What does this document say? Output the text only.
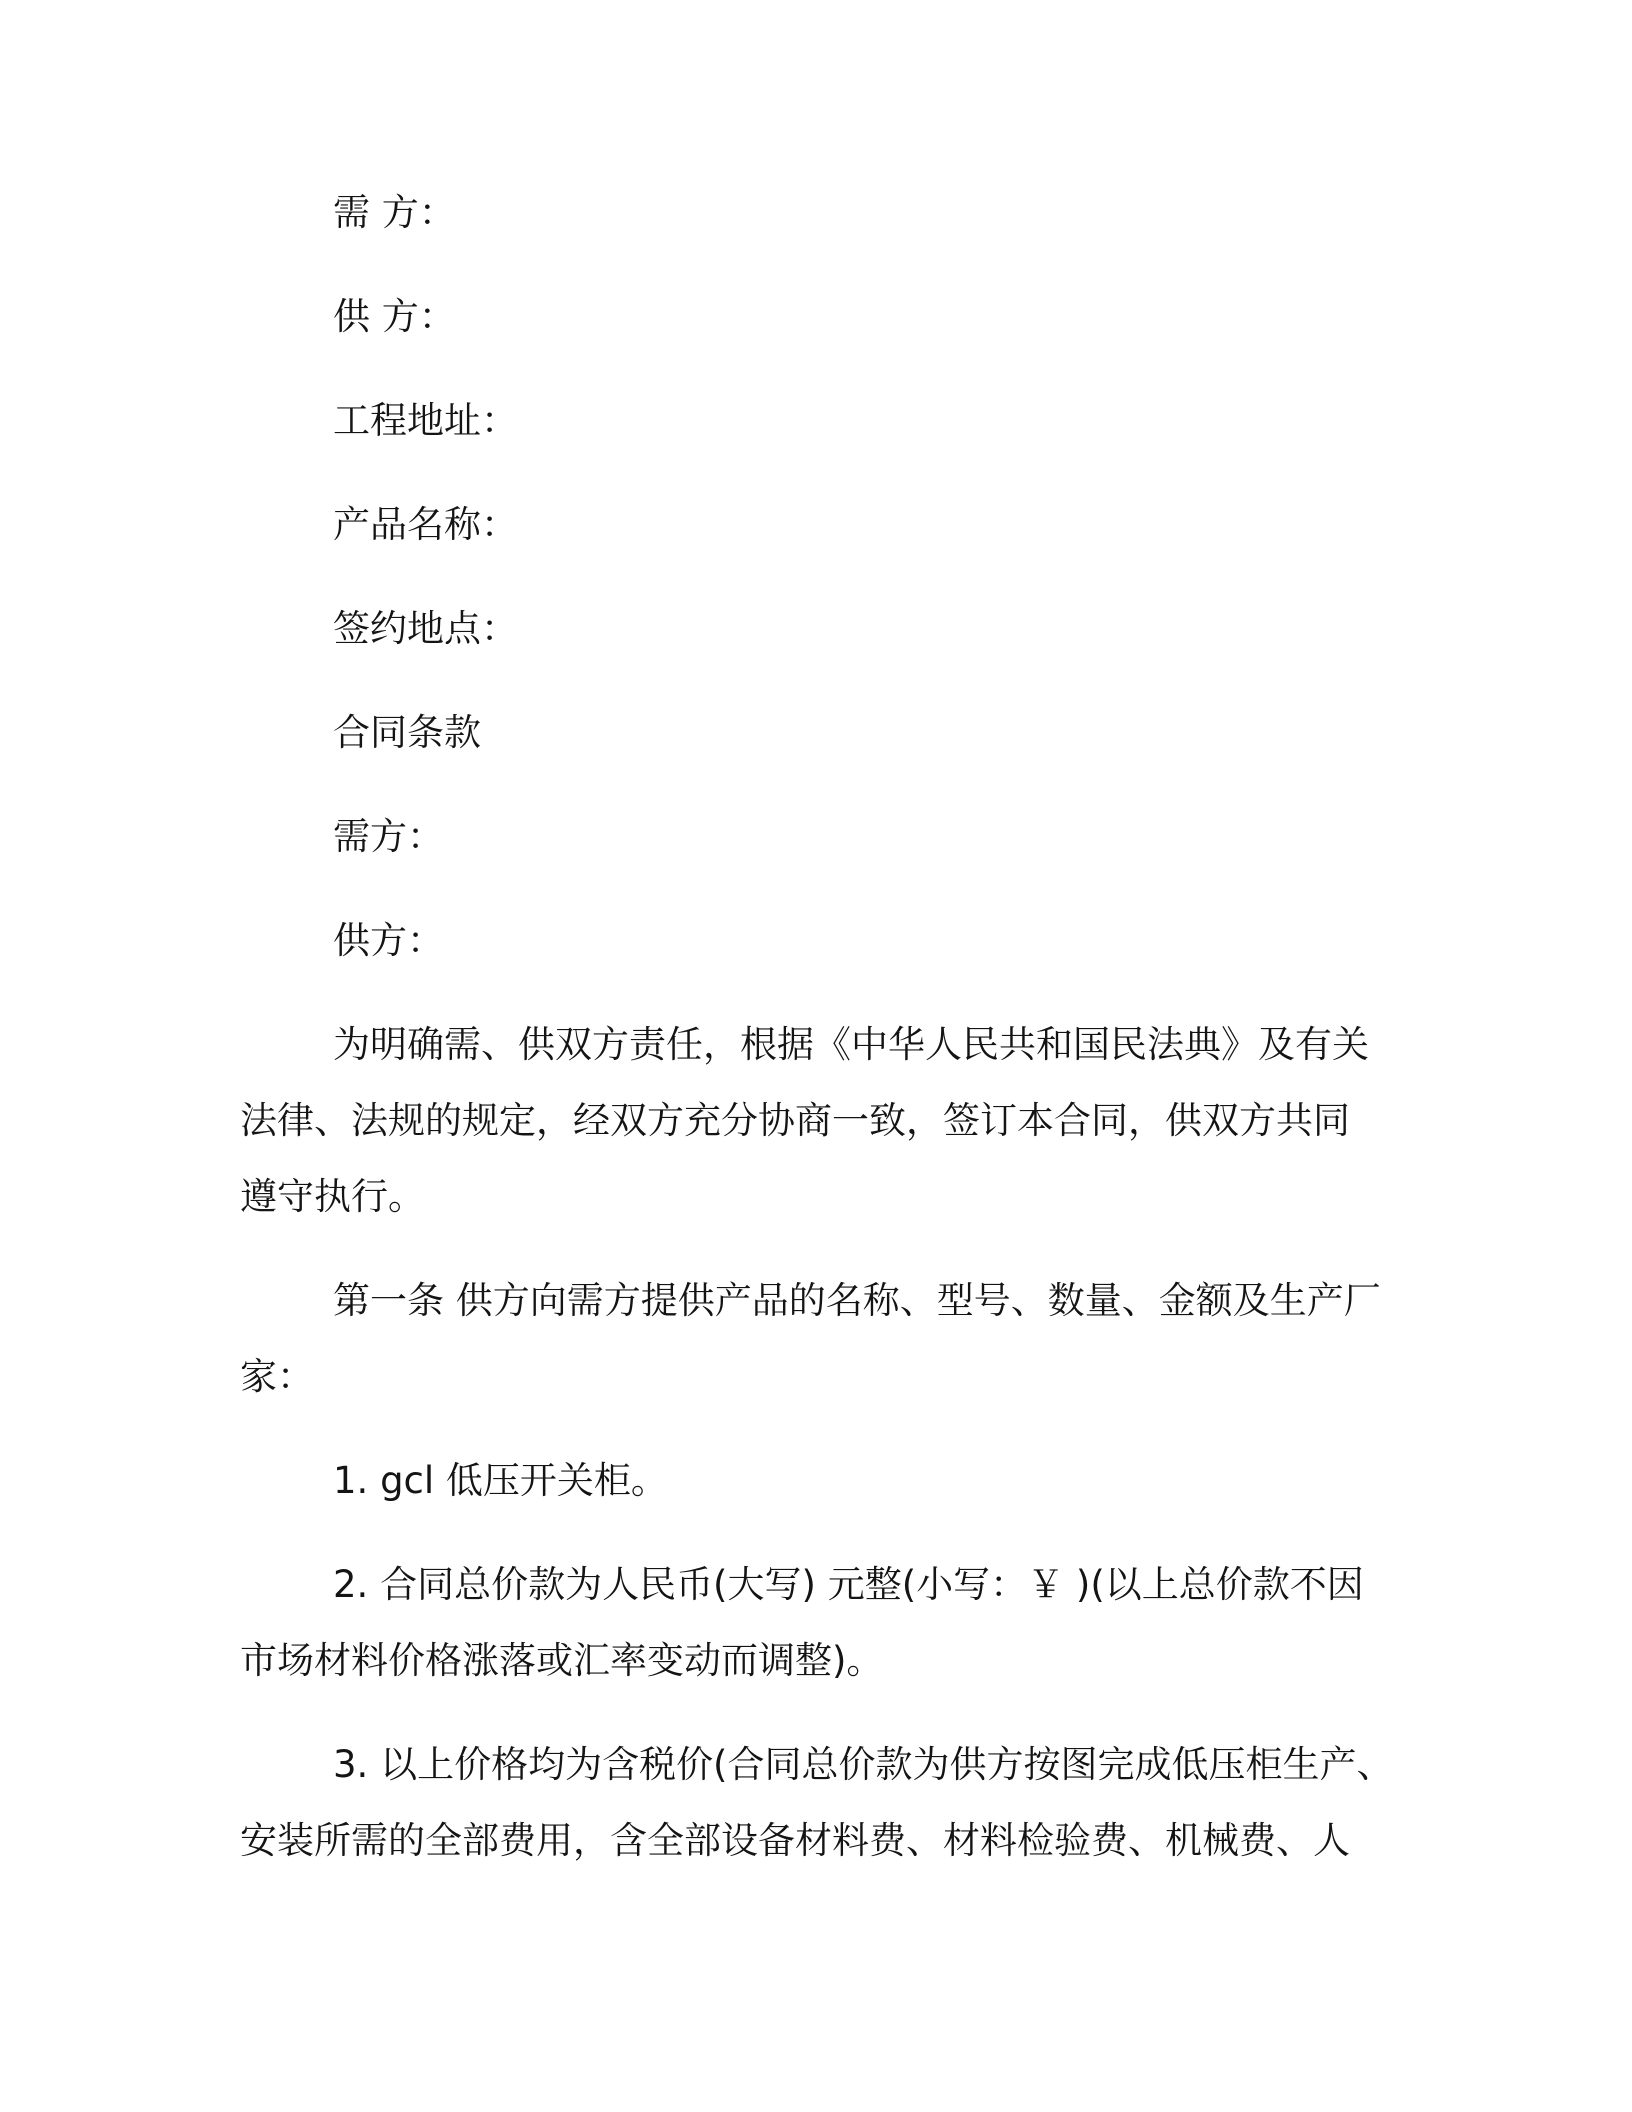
需 方：
供 方：
工程地址：
产品名称：
签约地点：
合同条款
需方：
供方：
为明确需、供双方责任，根据《中华人民共和国民法典》及有关
法律、法规的规定，经双方充分协商一致，签订本合同，供双方共同
遵守执行。
第一条 供方向需方提供产品的名称、型号、数量、金额及生产厂
家：
1. gcl 低压开关柜。
2. 合同总价款为人民币(大写) 元整(小写：￥ )(以上总价款不因
市场材料价格涨落或汇率变动而调整)。
3. 以上价格均为含税价(合同总价款为供方按图完成低压柜生产、
安装所需的全部费用，含全部设备材料费、材料检验费、机械费、人
